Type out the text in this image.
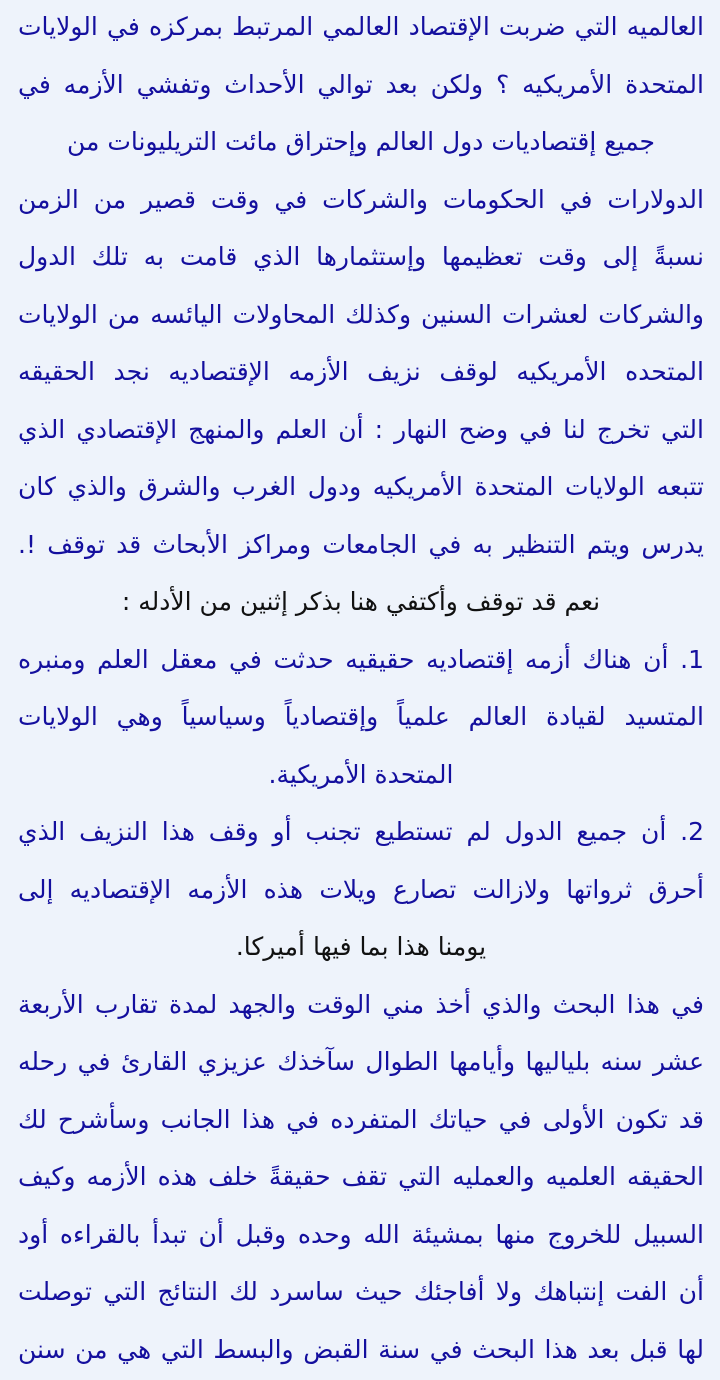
العالميه التي ضربت الإقتصاد العالمي المرتبط بمركزه في الولايات
المتحدة الأمريكيه ؟ ولكن بعد توالي الأحداث وتفشي الأزمه في
جميع إقتصاديات دول العالم وإحتراق مائت التريليونات من
الدولارات في الحكومات والشركات في وقت قصير من الزمن
نسبةً إلى وقت تعظيمها وإستثمارها الذي قامت به تلك الدول
والشركات لعشرات السنين وكذلك المحاولات اليائسه من الولايات
المتحده الأمريكيه لوقف نزيف الأزمه الإقتصاديه نجد الحقيقه
التي تخرج لنا في وضح النهار : أن العلم والمنهج الإقتصادي الذي
تتبعه الولايات المتحدة الأمريكيه ودول الغرب والشرق والذي كان
يدرس ويتم التنظير به في الجامعات ومراكز الأبحاث قد توقف !.
نعم قد توقف وأكتفي هنا بذكر إثنين من الأدله :
1. أن هناك أزمه إقتصاديه حقيقيه حدثت في معقل العلم ومنبره
المتسيد لقيادة العالم علمياً وإقتصادياً وسياسياً وهي الولايات
المتحدة الأمريكية.
2. أن جميع الدول لم تستطيع تجنب أو وقف هذا النزيف الذي
أحرق ثرواتها ولازالت تصارع ويلات هذه الأزمه الإقتصاديه إلى
يومنا هذا بما فيها أميركا.
في هذا البحث والذي أخذ مني الوقت والجهد لمدة تقارب الأربعة
عشر سنه بلياليها وأيامها الطوال سآخذك عزيزي القارئ في رحله
قد تكون الأولى في حياتك المتفرده في هذا الجانب وسأشرح لك
الحقيقه العلميه والعمليه التي تقف حقيقةً خلف هذه الأزمه وكيف
السبيل للخروج منها بمشيئة الله وحده وقبل أن تبدأ بالقراءه أود
أن الفت إنتباهك ولا أفاجئك حيث ساسرد لك النتائج التي توصلت
لها قبل بعد هذا البحث في سنة القبض والبسط التي هي من سنن
